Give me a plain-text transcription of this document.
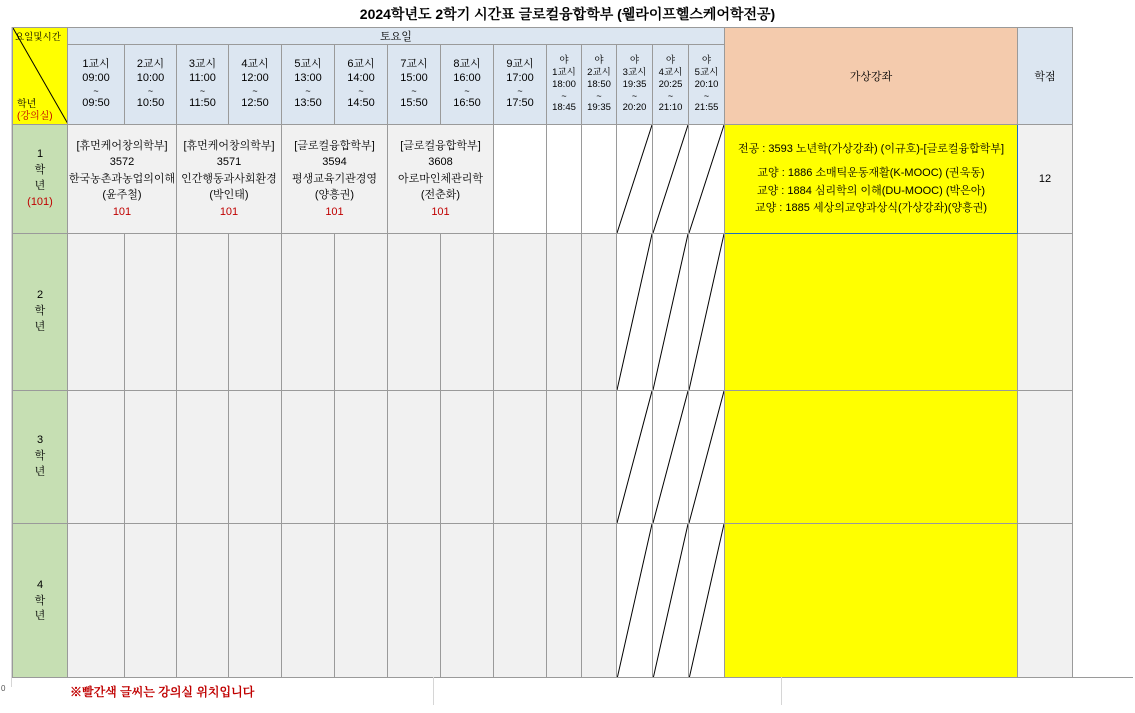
2024학년도 2학기 시간표 글로컬융합학부 (웰라이프헬스케어학전공)
0
요일및시간
학년
(강의실)	토요일														가상강좌	학점

	1교시
09:00
~
09:50	2교시
10:00
~
10:50	3교시
11:00
~
11:50	4교시
12:00
~
12:50	5교시
13:00
~
13:50	6교시
14:00
~
14:50	7교시
15:00
~
15:50	8교시
16:00
~
16:50	9교시
17:00
~
17:50	야
1교시
18:00
~
18:45	야
2교시
18:50
~
19:35	야
3교시
19:35
~
20:20	야
4교시
20:25
~
21:10	야
5교시
20:10
~
21:55		

1
학
년
(101)	[휴먼케어창의학부]
3572
한국농촌과농업의이해
(윤주철)
101		[휴먼케어창의학부]
3571
인간행동과사회환경
(박인태)
101		[글로컬융합학부]
3594
평생교육기관경영
(양흥권)
101		[글로컬융합학부]
3608
아로마인체관리학
(전춘화)
101								전공 : 3593 노년학(가상강좌) (이규호)-[글로컬융합학부]
교양 : 1886 소매틱운동재활(K-MOOC) (권욱동)
교양 : 1884 심리학의 이해(DU-MOOC) (박은아)
교양 : 1885 세상의교양과상식(가상강좌)(양흥권)	12
2
학
년												

3
학
년												

4
학
년												

※빨간색 글씨는 강의실 위치입니다
